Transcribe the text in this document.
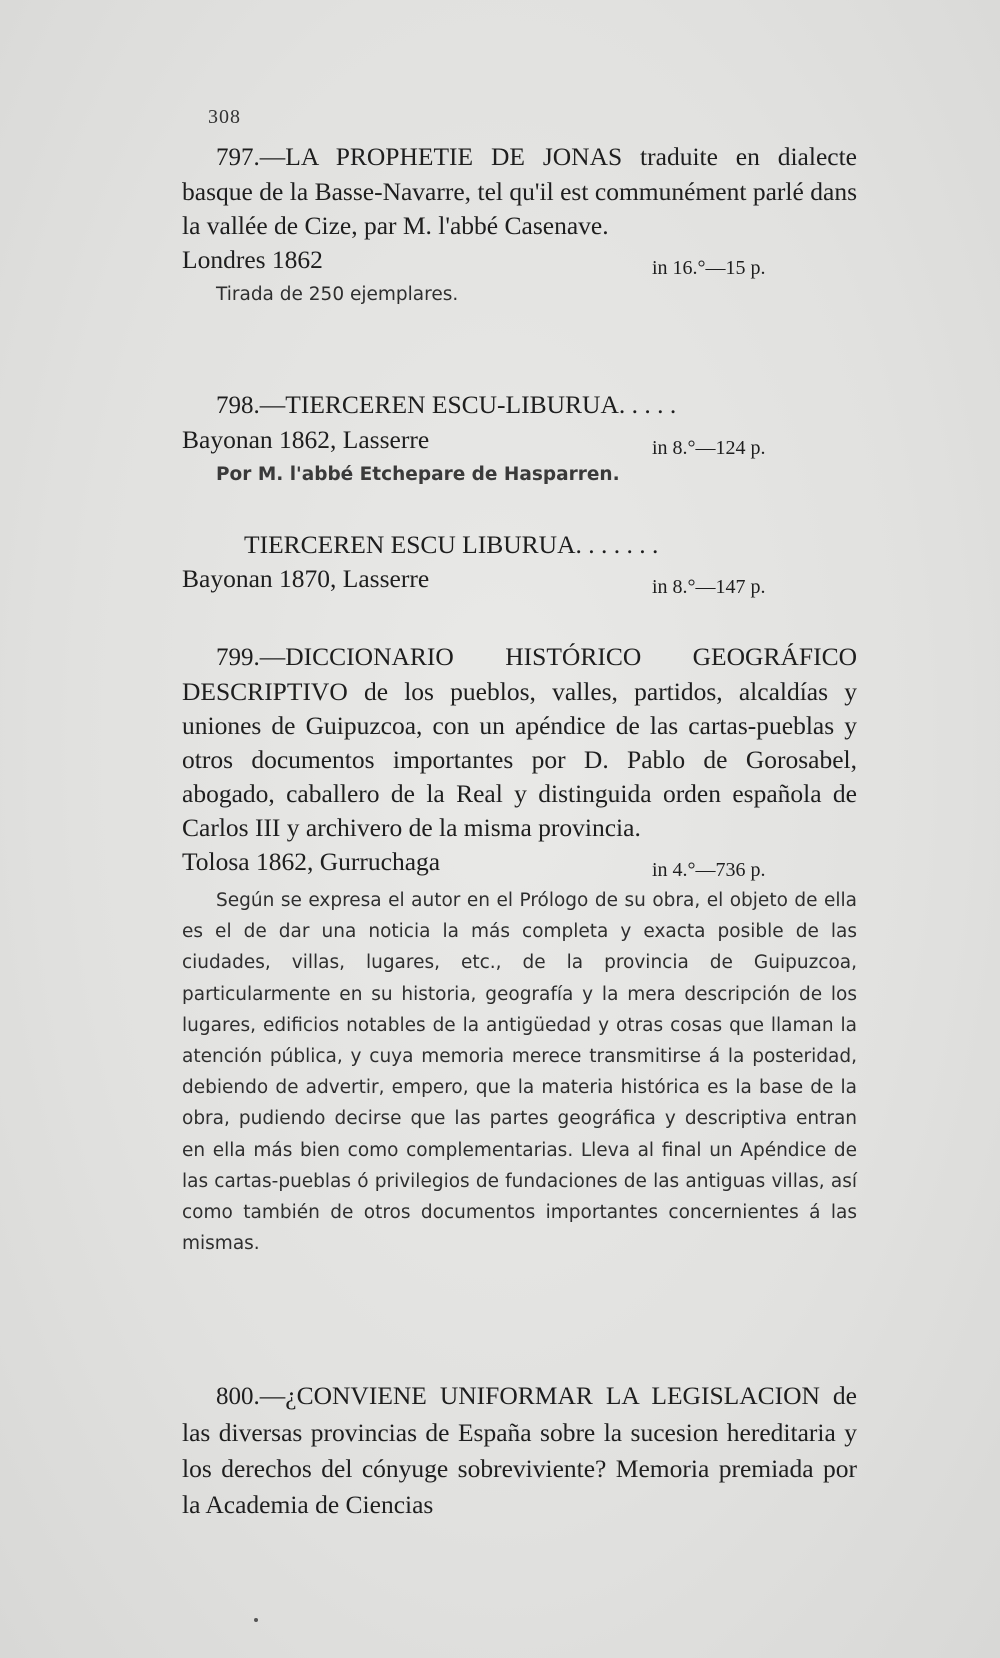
308

797.—LA PROPHETIE DE JONAS traduite en dialecte basque de la Basse-Navarre, tel qu'il est communément parlé dans la vallée de Cize, par M. l'abbé Casenave.

Londres 1862	in 16.°—15 p.

Tirada de 250 ejemplares.

798.—TIERCEREN ESCU-LIBURUA. . . . .

Bayonan 1862, Lasserre	in 8.°—124 p.

Por M. l'abbé Etchepare de Hasparren.

TIERCEREN ESCU LIBURUA. . . . . . .

Bayonan 1870, Lasserre	in 8.°—147 p.

799.—DICCIONARIO HISTÓRICO GEOGRÁFICO DESCRIPTIVO de los pueblos, valles, partidos, alcaldías y uniones de Guipuzcoa, con un apéndice de las cartas-pueblas y otros documentos importantes por D. Pablo de Gorosabel, abogado, caballero de la Real y distinguida orden española de Carlos III y archivero de la misma provincia.

Tolosa 1862, Gurruchaga	in 4.°—736 p.

Según se expresa el autor en el Prólogo de su obra, el objeto de ella es el de dar una noticia la más completa y exacta posible de las ciudades, villas, lugares, etc., de la provincia de Guipuzcoa, particularmente en su historia, geografía y la mera descripción de los lugares, edificios notables de la antigüedad y otras cosas que llaman la atención pública, y cuya memoria merece transmitirse á la posteridad, debiendo de advertir, empero, que la materia histórica es la base de la obra, pudiendo decirse que las partes geográfica y descriptiva entran en ella más bien como complementarias. Lleva al final un Apéndice de las cartas-pueblas ó privilegios de fundaciones de las antiguas villas, así como también de otros documentos importantes concernientes á las mismas.

800.—¿CONVIENE UNIFORMAR LA LEGISLACION de las diversas provincias de España sobre la sucesion hereditaria y los derechos del cónyuge sobreviviente? Memoria premiada por la Academia de Ciencias
